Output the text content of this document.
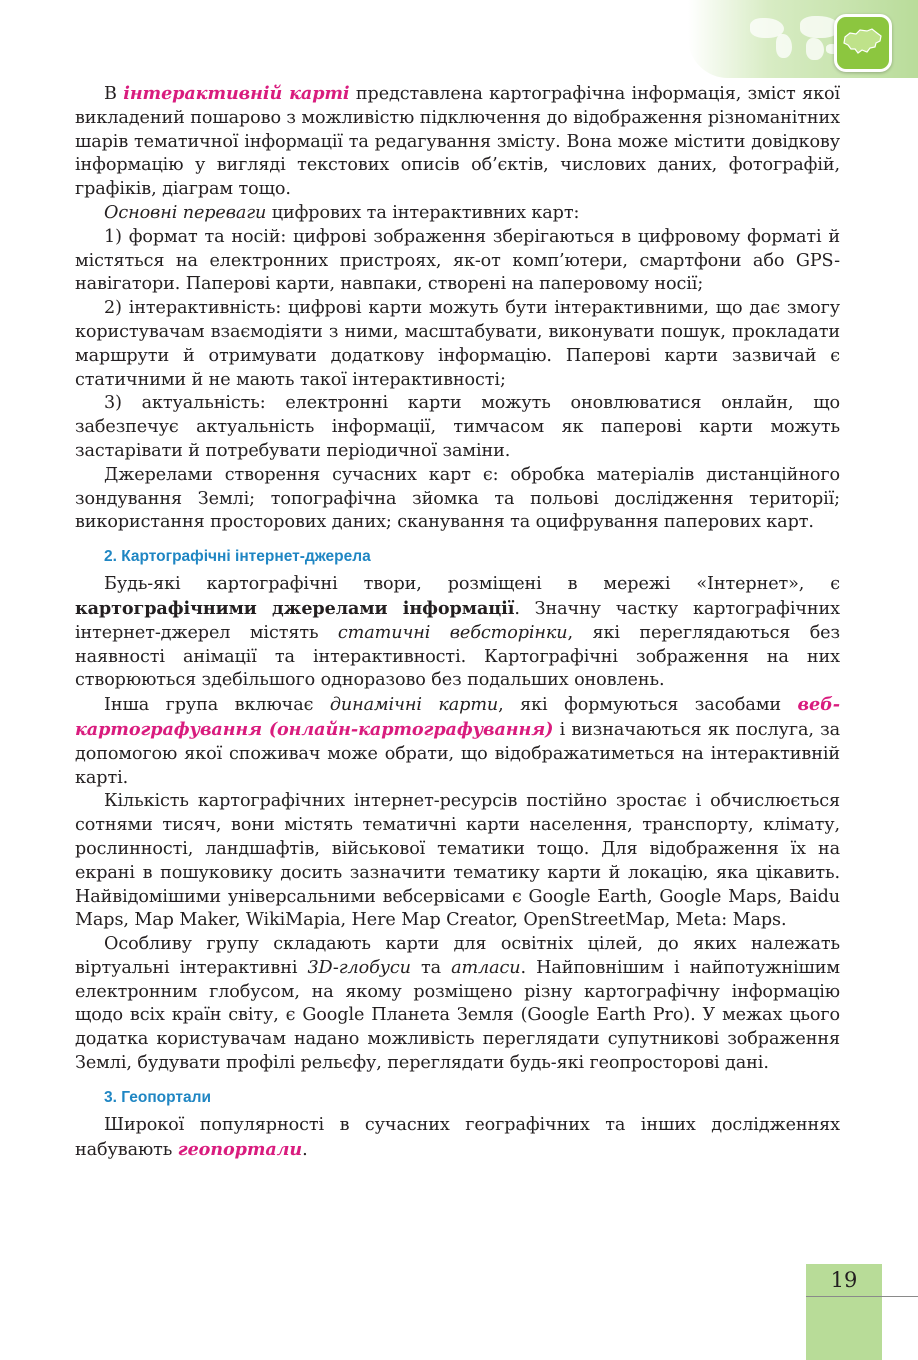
В інтерактивній карті представлена картографічна інформація, зміст якої викладений пошарово з можливістю підключення до відображення різноманітних шарів тематичної інформації та редагування змісту. Вона може містити довідкову інформацію у вигляді текстових описів об’єктів, числових даних, фотографій, графіків, діаграм тощо.

Основні переваги цифрових та інтерактивних карт:

1) формат та носій: цифрові зображення зберігаються в цифровому форматі й містяться на електронних пристроях, як-от комп’ютери, смартфони або GPS-навігатори. Паперові карти, навпаки, створені на паперовому носії;

2) інтерактивність: цифрові карти можуть бути інтерактивними, що дає змогу користувачам взаємодіяти з ними, масштабувати, виконувати пошук, прокладати маршрути й отримувати додаткову інформацію. Паперові карти зазвичай є статичними й не мають такої інтерактивності;

3) актуальність: електронні карти можуть оновлюватися онлайн, що забезпечує актуальність інформації, тимчасом як паперові карти можуть застарівати й потребувати періодичної заміни.

Джерелами створення сучасних карт є: обробка матеріалів дистанційного зондування Землі; топографічна зйомка та польові дослідження території; використання просторових даних; сканування та оцифрування паперових карт.

2. Картографічні інтернет-джерела

Будь-які картографічні твори, розміщені в мережі «Інтернет», є картографічними джерелами інформації. Значну частку картографічних інтернет-джерел містять статичні вебсторінки, які переглядаються без наявності анімації та інтерактивності. Картографічні зображення на них створюються здебільшого одноразово без подальших оновлень.

Інша група включає динамічні карти, які формуються засобами вебкартографування (онлайн-картографування) і визначаються як послуга, за допомогою якої споживач може обрати, що відображатиметься на інтерактивній карті.

Кількість картографічних інтернет-ресурсів постійно зростає і обчислюється сотнями тисяч, вони містять тематичні карти населення, транспорту, клімату, рослинності, ландшафтів, військової тематики тощо. Для відображення їх на екрані в пошуковику досить зазначити тематику карти й локацію, яка цікавить. Найвідомішими універсальними вебсервісами є Google Earth, Google Maps, Baidu Maps, Map Maker, WikiMapia, Here Map Creator, OpenStreetMap, Meta: Maps.

Особливу групу складають карти для освітніх цілей, до яких належать віртуальні інтерактивні 3D-глобуси та атласи. Найповнішим і найпотужнішим електронним глобусом, на якому розміщено різну картографічну інформацію щодо всіх країн світу, є Google Планета Земля (Google Earth Pro). У межах цього додатка користувачам надано можливість переглядати супутникові зображення Землі, будувати профілі рельєфу, переглядати будь-які геопросторові дані.

3. Геопортали

Широкої популярності в сучасних географічних та інших дослідженнях набувають геопортали.

19
